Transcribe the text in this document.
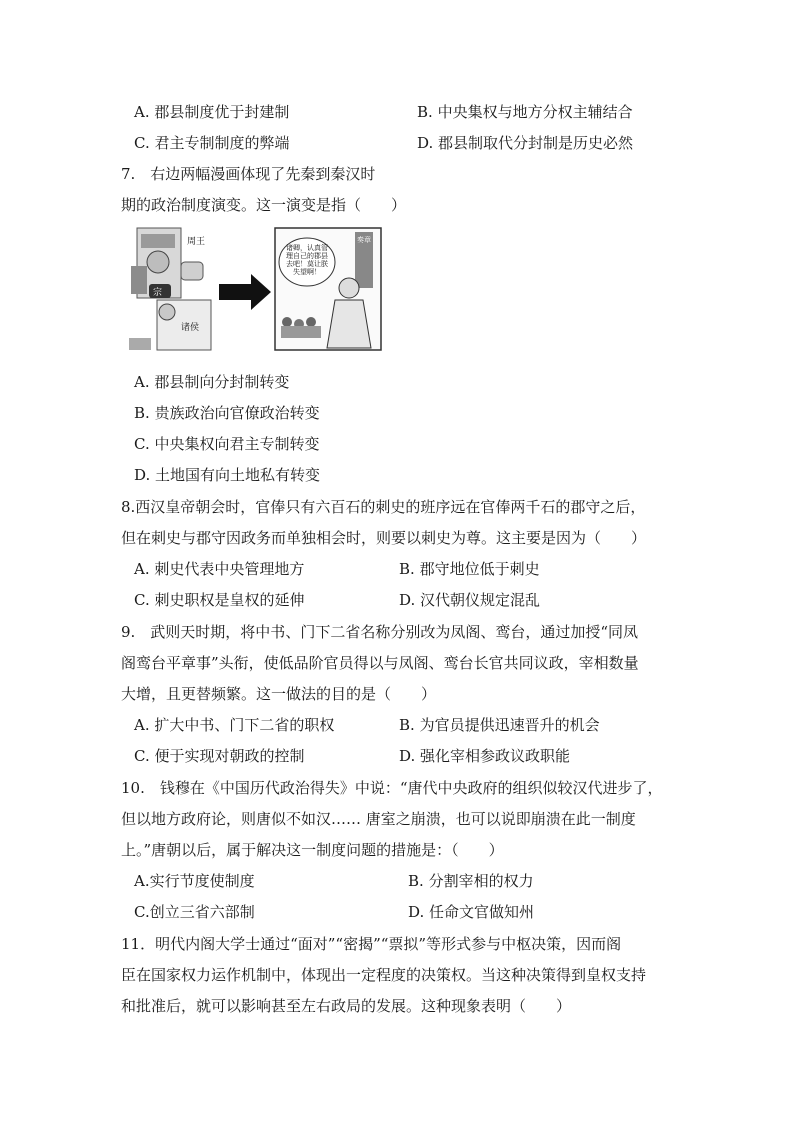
A. 郡县制度优于封建制	B. 中央集权与地方分权主辅结合
C. 君主专制制度的弊端	D. 郡县制取代分封制是历史必然
7.　右边两幅漫画体现了先秦到秦汉时
期的政治制度演变。这一演变是指（　　）
周王
宗
诸侯
诸卿，认真管理自己的郡县去吧！莫让朕失望啊！
奏章
A. 郡县制向分封制转变
B. 贵族政治向官僚政治转变
C. 中央集权向君主专制转变
D. 土地国有向土地私有转变
8.西汉皇帝朝会时，官俸只有六百石的刺史的班序远在官俸两千石的郡守之后，
但在刺史与郡守因政务而单独相会时，则要以刺史为尊。这主要是因为（　　）
A. 刺史代表中央管理地方	B. 郡守地位低于刺史
C. 刺史职权是皇权的延伸	D. 汉代朝仪规定混乱
9.　武则天时期，将中书、门下二省名称分别改为凤阁、鸾台，通过加授“同凤
阁鸾台平章事”头衔，使低品阶官员得以与凤阁、鸾台长官共同议政，宰相数量
大增，且更替频繁。这一做法的目的是（　　）
A. 扩大中书、门下二省的职权	B. 为官员提供迅速晋升的机会
C. 便于实现对朝政的控制	D. 强化宰相参政议政职能
10.　钱穆在《中国历代政治得失》中说：“唐代中央政府的组织似较汉代进步了，
但以地方政府论，则唐似不如汉…… 唐室之崩溃，也可以说即崩溃在此一制度
上。”唐朝以后，属于解决这一制度问题的措施是：（　　）
A.实行节度使制度	B. 分割宰相的权力
C.创立三省六部制	D. 任命文官做知州
11．明代内阁大学士通过“面对”“密揭”“票拟”等形式参与中枢决策，因而阁
臣在国家权力运作机制中，体现出一定程度的决策权。当这种决策得到皇权支持
和批准后，就可以影响甚至左右政局的发展。这种现象表明（　　）
